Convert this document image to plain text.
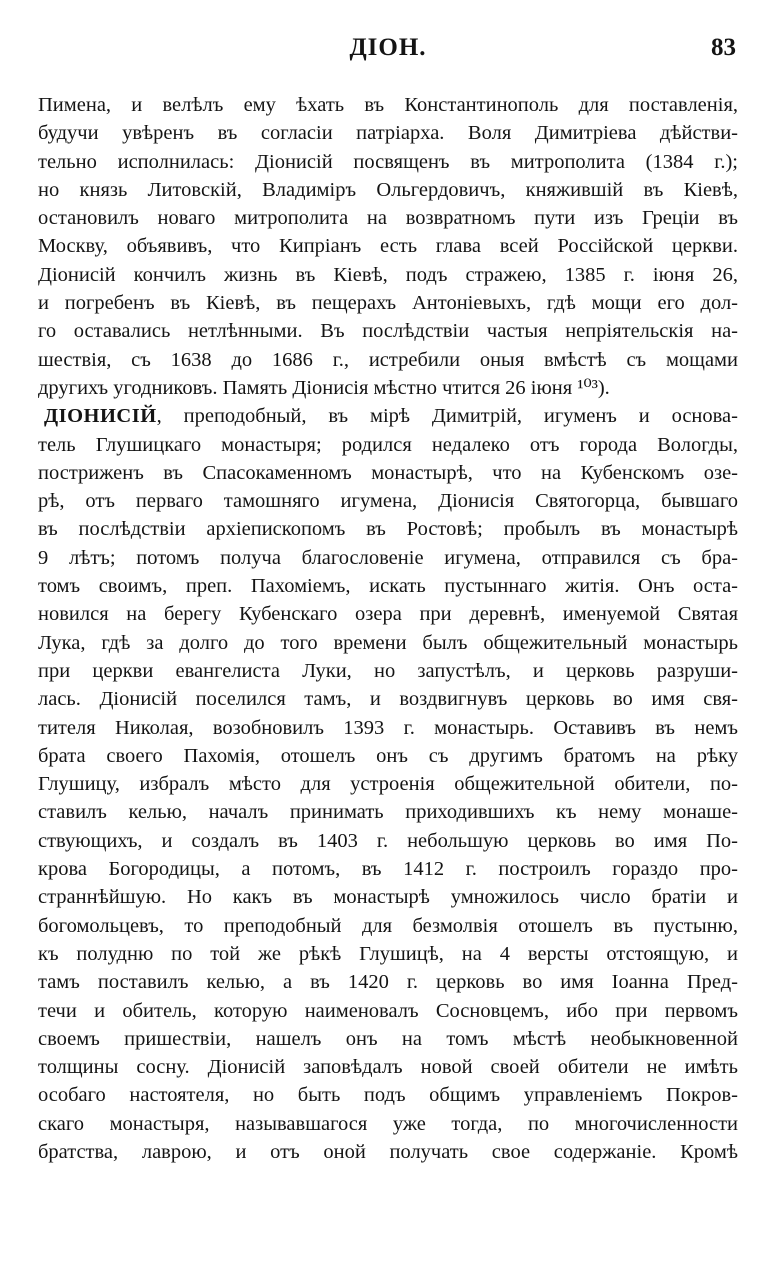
ДІОН.	83
Пимена, и велѣлъ ему ѣхать въ Константинополь для поставленія,
будучи увѣренъ въ согласіи патріарха. Воля Димитріева дѣйстви-
тельно исполнилась: Діонисій посвященъ въ митрополита (1384 г.);
но князь Литовскій, Владиміръ Ольгердовичъ, княжившій въ Кіевѣ,
остановилъ новаго митрополита на возвратномъ пути изъ Греціи въ
Москву, объявивъ, что Кипріанъ есть глава всей Россійской церкви.
Діонисій кончилъ жизнь въ Кіевѣ, подъ стражею, 1385 г. іюня 26,
и погребенъ въ Кіевѣ, въ пещерахъ Антоніевыхъ, гдѣ мощи его дол-
го оставались нетлѣнными. Въ послѣдствіи частыя непріятельскія на-
шествія, съ 1638 до 1686 г., истребили оныя вмѣстѣ съ мощами
другихъ угодниковъ. Память Діонисія мѣстно чтится 26 іюня ¹⁰³).
ДІОНИСІЙ, преподобный, въ мірѣ Димитрій, игуменъ и основа-
тель Глушицкаго монастыря; родился недалеко отъ города Вологды,
постриженъ въ Спасокаменномъ монастырѣ, что на Кубенскомъ озе-
рѣ, отъ перваго тамошняго игумена, Діонисія Святогорца, бывшаго
въ послѣдствіи архіепископомъ въ Ростовѣ; пробылъ въ монастырѣ
9 лѣтъ; потомъ получа благословеніе игумена, отправился съ бра-
томъ своимъ, преп. Пахоміемъ, искать пустыннаго житія. Онъ оста-
новился на берегу Кубенскаго озера при деревнѣ, именуемой Святая
Лука, гдѣ за долго до того времени былъ общежительный монастырь
при церкви евангелиста Луки, но запустѣлъ, и церковь разруши-
лась. Діонисій поселился тамъ, и воздвигнувъ церковь во имя свя-
тителя Николая, возобновилъ 1393 г. монастырь. Оставивъ въ немъ
брата своего Пахомія, отошелъ онъ съ другимъ братомъ на рѣку
Глушицу, избралъ мѣсто для устроенія общежительной обители, по-
ставилъ келью, началъ принимать приходившихъ къ нему монаше-
ствующихъ, и создалъ въ 1403 г. небольшую церковь во имя По-
крова Богородицы, а потомъ, въ 1412 г. построилъ гораздо про-
страннѣйшую. Но какъ въ монастырѣ умножилось число братіи и
богомольцевъ, то преподобный для безмолвія отошелъ въ пустыню,
къ полудню по той же рѣкѣ Глушицѣ, на 4 версты отстоящую, и
тамъ поставилъ келью, а въ 1420 г. церковь во имя Іоанна Пред-
течи и обитель, которую наименовалъ Сосновцемъ, ибо при первомъ
своемъ пришествіи, нашелъ онъ на томъ мѣстѣ необыкновенной
толщины сосну. Діонисій заповѣдалъ новой своей обители не имѣть
особаго настоятеля, но быть подъ общимъ управленіемъ Покров-
скаго монастыря, называвшагося уже тогда, по многочисленности
братства, лаврою, и отъ оной получать свое содержаніе. Кромѣ
